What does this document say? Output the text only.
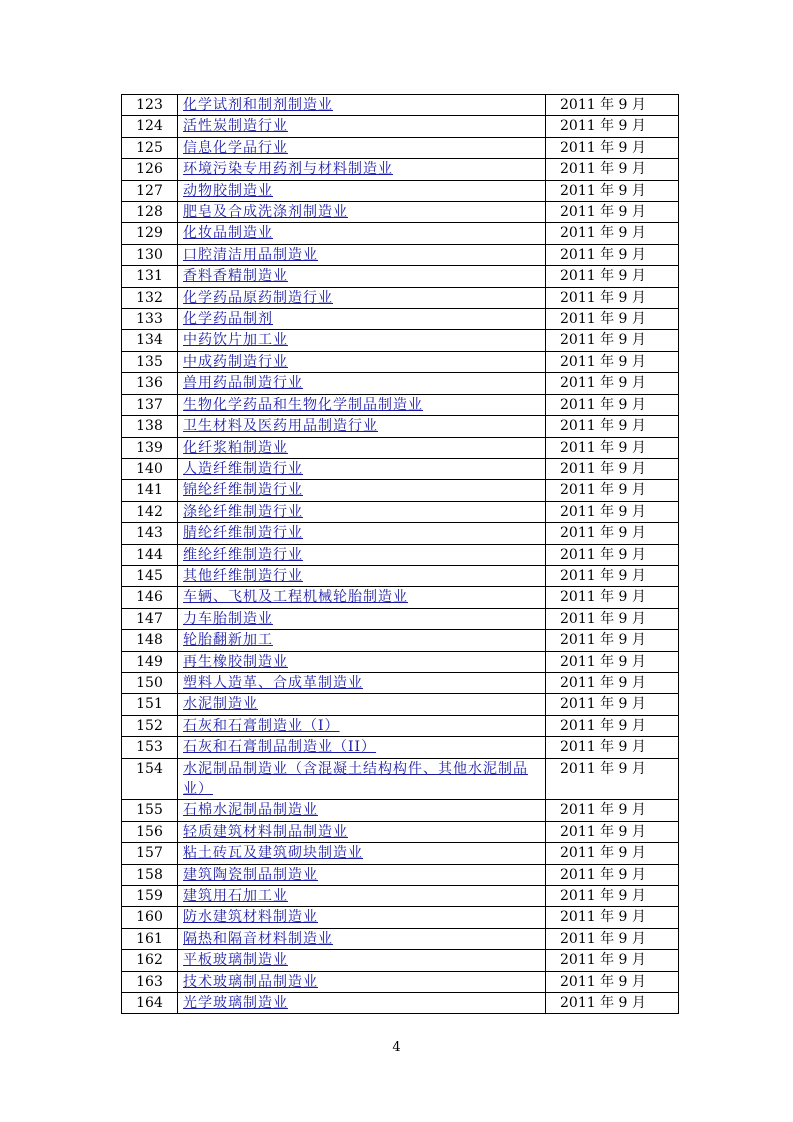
123	化学试剂和制剂制造业	2011 年 9 月
124	活性炭制造行业	2011 年 9 月
125	信息化学品行业	2011 年 9 月
126	环境污染专用药剂与材料制造业	2011 年 9 月
127	动物胶制造业	2011 年 9 月
128	肥皂及合成洗涤剂制造业	2011 年 9 月
129	化妆品制造业	2011 年 9 月
130	口腔清洁用品制造业	2011 年 9 月
131	香料香精制造业	2011 年 9 月
132	化学药品原药制造行业	2011 年 9 月
133	化学药品制剂	2011 年 9 月
134	中药饮片加工业	2011 年 9 月
135	中成药制造行业	2011 年 9 月
136	兽用药品制造行业	2011 年 9 月
137	生物化学药品和生物化学制品制造业	2011 年 9 月
138	卫生材料及医药用品制造行业	2011 年 9 月
139	化纤浆粕制造业	2011 年 9 月
140	人造纤维制造行业	2011 年 9 月
141	锦纶纤维制造行业	2011 年 9 月
142	涤纶纤维制造行业	2011 年 9 月
143	腈纶纤维制造行业	2011 年 9 月
144	维纶纤维制造行业	2011 年 9 月
145	其他纤维制造行业	2011 年 9 月
146	车辆、飞机及工程机械轮胎制造业	2011 年 9 月
147	力车胎制造业	2011 年 9 月
148	轮胎翻新加工	2011 年 9 月
149	再生橡胶制造业	2011 年 9 月
150	塑料人造革、合成革制造业	2011 年 9 月
151	水泥制造业	2011 年 9 月
152	石灰和石膏制造业（I）	2011 年 9 月
153	石灰和石膏制品制造业（II）	2011 年 9 月
154	水泥制品制造业（含混凝土结构构件、其他水泥制品业）	2011 年 9 月
155	石棉水泥制品制造业	2011 年 9 月
156	轻质建筑材料制品制造业	2011 年 9 月
157	粘土砖瓦及建筑砌块制造业	2011 年 9 月
158	建筑陶瓷制品制造业	2011 年 9 月
159	建筑用石加工业	2011 年 9 月
160	防水建筑材料制造业	2011 年 9 月
161	隔热和隔音材料制造业	2011 年 9 月
162	平板玻璃制造业	2011 年 9 月
163	技术玻璃制品制造业	2011 年 9 月
164	光学玻璃制造业	2011 年 9 月
4
